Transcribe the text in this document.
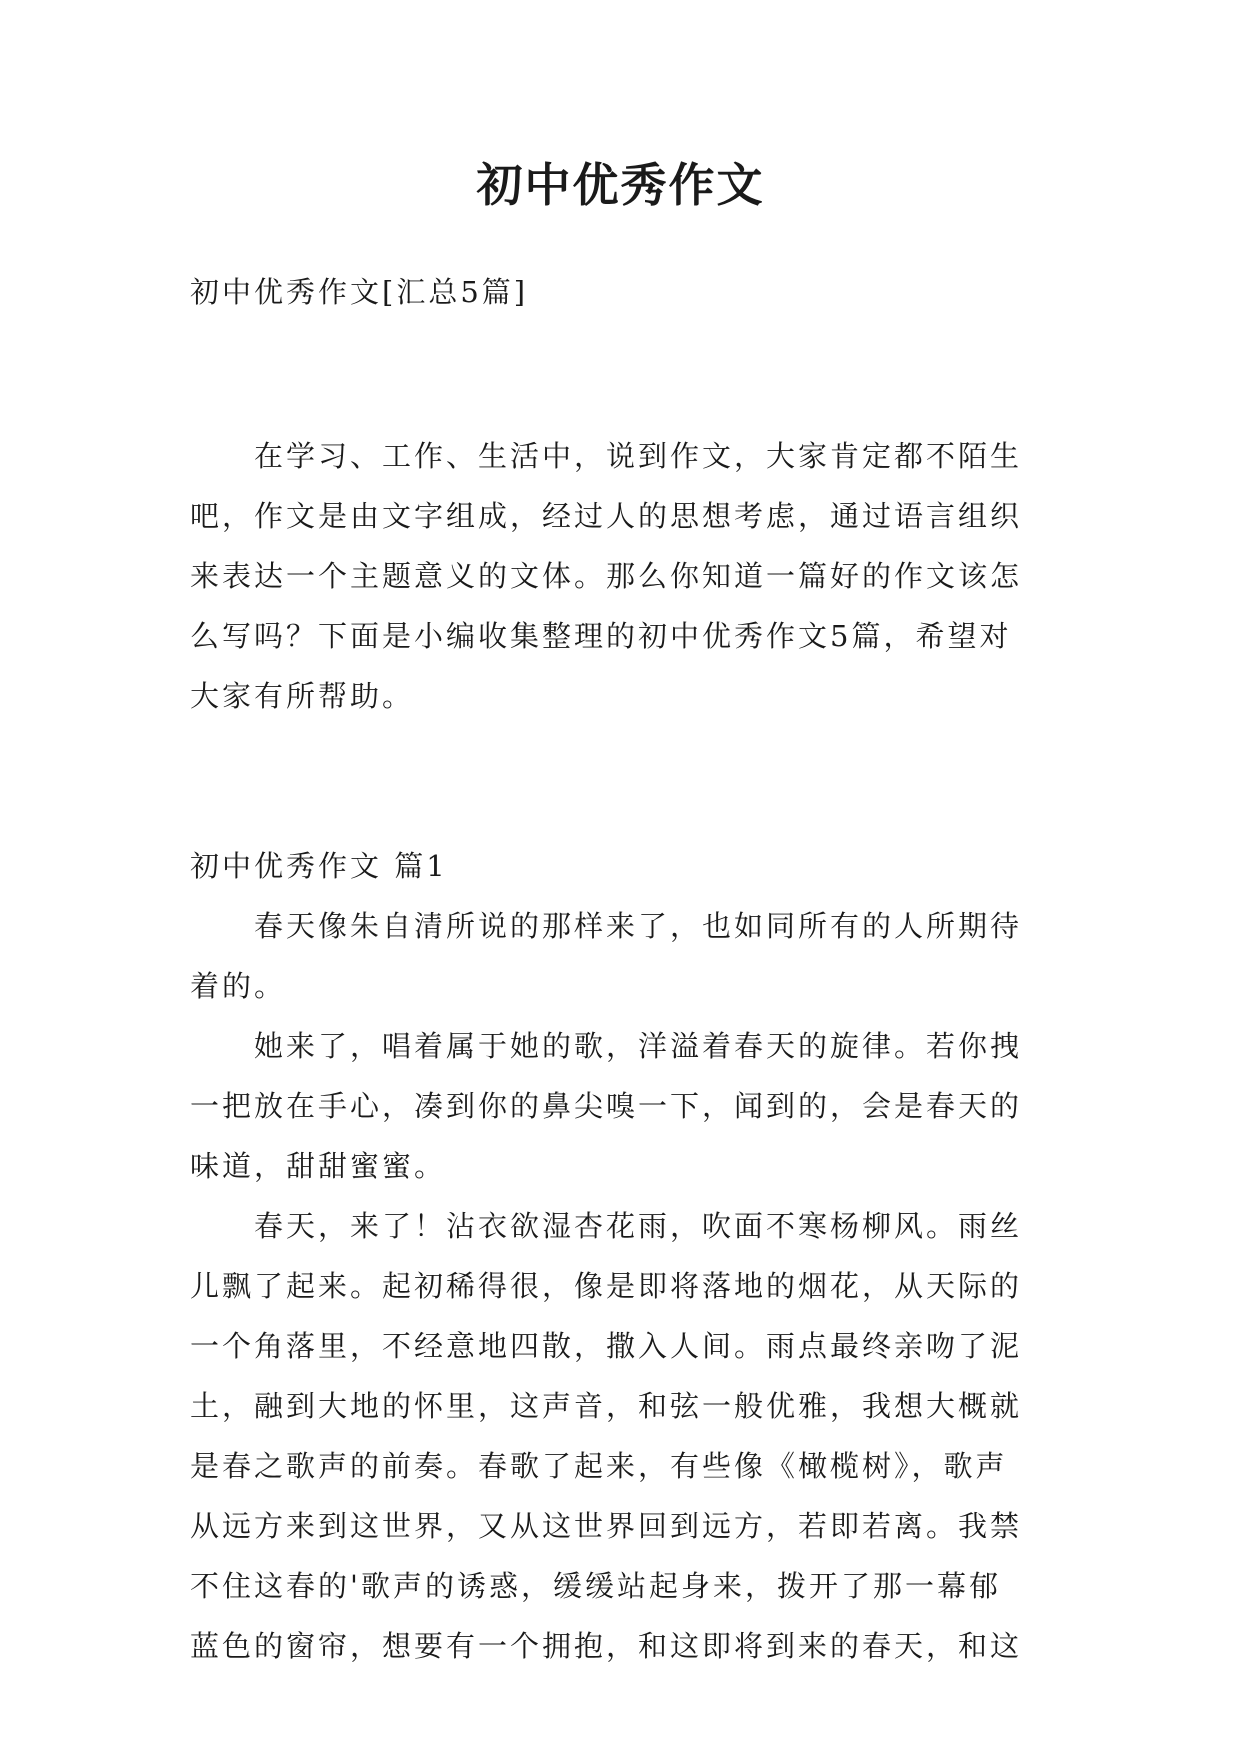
初中优秀作文
初中优秀作文[汇总5篇]
在学习、工作、生活中，说到作文，大家肯定都不陌生
吧，作文是由文字组成，经过人的思想考虑，通过语言组织
来表达一个主题意义的文体。那么你知道一篇好的作文该怎
么写吗？下面是小编收集整理的初中优秀作文5篇，希望对
大家有所帮助。
初中优秀作文 篇1
春天像朱自清所说的那样来了，也如同所有的人所期待
着的。
她来了，唱着属于她的歌，洋溢着春天的旋律。若你拽
一把放在手心，凑到你的鼻尖嗅一下，闻到的，会是春天的
味道，甜甜蜜蜜。
春天，来了！沾衣欲湿杏花雨，吹面不寒杨柳风。雨丝
儿飘了起来。起初稀得很，像是即将落地的烟花，从天际的
一个角落里，不经意地四散，撒入人间。雨点最终亲吻了泥
土，融到大地的怀里，这声音，和弦一般优雅，我想大概就
是春之歌声的前奏。春歌了起来，有些像《橄榄树》，歌声
从远方来到这世界，又从这世界回到远方，若即若离。我禁
不住这春的'歌声的诱惑，缓缓站起身来，拨开了那一幕郁
蓝色的窗帘，想要有一个拥抱，和这即将到来的春天，和这
